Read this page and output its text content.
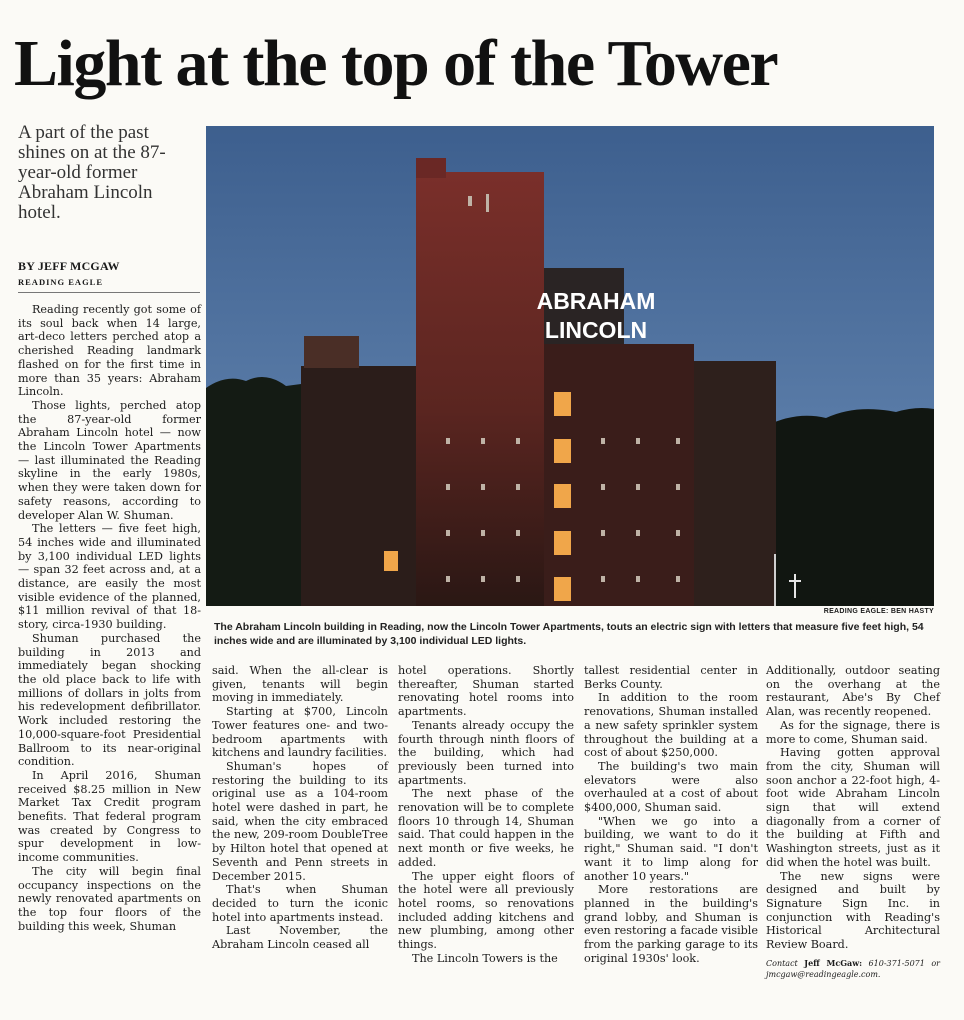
Light at the top of the Tower
A part of the past shines on at the 87-year-old former Abraham Lincoln hotel.
BY JEFF MCGAW
READING EAGLE
ABRAHAM
LINCOLN
READING EAGLE: BEN HASTY
The Abraham Lincoln building in Reading, now the Lincoln Tower Apartments, touts an electric sign with letters that measure five feet high, 54 inches wide and are illuminated by 3,100 individual LED lights.

Reading recently got some of its soul back when 14 large, art-deco letters perched atop a cherished Reading landmark flashed on for the first time in more than 35 years: Abraham Lincoln.

Those lights, perched atop the 87-year-old former Abraham Lincoln hotel — now the Lincoln Tower Apartments — last illuminated the Reading skyline in the early 1980s, when they were taken down for safety reasons, according to developer Alan W. Shuman.

The letters — five feet high, 54 inches wide and illuminated by 3,100 individual LED lights — span 32 feet across and, at a distance, are easily the most visible evidence of the planned, $11 million revival of that 18-story, circa-1930 building.

Shuman purchased the building in 2013 and immediately began shocking the old place back to life with millions of dollars in jolts from his redevelopment defibrillator. Work included restoring the 10,000-square-foot Presidential Ballroom to its near-original condition.

In April 2016, Shuman received $8.25 million in New Market Tax Credit program benefits. That federal program was created by Congress to spur development in low-income communities.

The city will begin final occupancy inspections on the newly renovated apartments on the top four floors of the building this week, Shuman

said. When the all-clear is given, tenants will begin moving in immediately.

Starting at $700, Lincoln Tower features one- and two-bedroom apartments with kitchens and laundry facilities.

Shuman's hopes of restoring the building to its original use as a 104-room hotel were dashed in part, he said, when the city embraced the new, 209-room DoubleTree by Hilton hotel that opened at Seventh and Penn streets in December 2015.

That's when Shuman decided to turn the iconic hotel into apartments instead.

Last November, the Abraham Lincoln ceased all

hotel operations. Shortly thereafter, Shuman started renovating hotel rooms into apartments.

Tenants already occupy the fourth through ninth floors of the building, which had previously been turned into apartments.

The next phase of the renovation will be to complete floors 10 through 14, Shuman said. That could happen in the next month or five weeks, he added.

The upper eight floors of the hotel were all previously hotel rooms, so renovations included adding kitchens and new plumbing, among other things.

The Lincoln Towers is the

tallest residential center in Berks County.

In addition to the room renovations, Shuman installed a new safety sprinkler system throughout the building at a cost of about $250,000.

The building's two main elevators were also overhauled at a cost of about $400,000, Shuman said.

"When we go into a building, we want to do it right," Shuman said. "I don't want it to limp along for another 10 years."

More restorations are planned in the building's grand lobby, and Shuman is even restoring a facade visible from the parking garage to its original 1930s' look.

Additionally, outdoor seating on the overhang at the restaurant, Abe's By Chef Alan, was recently reopened.

As for the signage, there is more to come, Shuman said.

Having gotten approval from the city, Shuman will soon anchor a 22-foot high, 4-foot wide Abraham Lincoln sign that will extend diagonally from a corner of the building at Fifth and Washington streets, just as it did when the hotel was built.

The new signs were designed and built by Signature Sign Inc. in conjunction with Reading's Historical Architectural Review Board.

Contact Jeff McGaw: 610-371-5071 or jmcgaw@readingeagle.com.
